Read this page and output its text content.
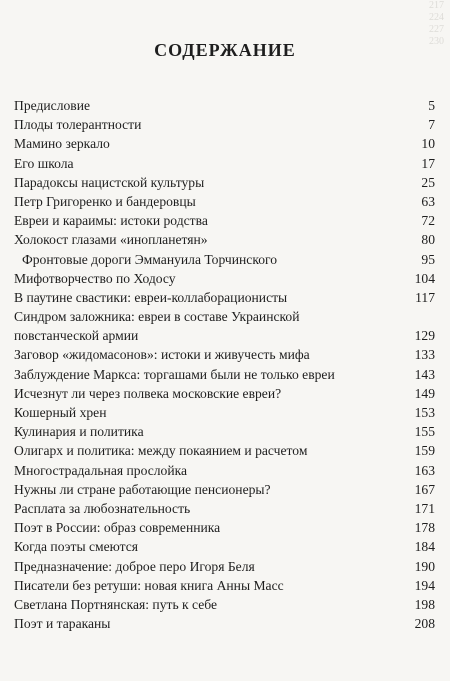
217
224
227
230
СОДЕРЖАНИЕ
Предисловие	5
Плоды толерантности	7
Мамино зеркало	10
Его школа	17
Парадоксы нацистской культуры	25
Петр Григоренко и бандеровцы	63
Евреи и караимы: истоки родства	72
Холокост глазами «инопланетян»	80
Фронтовые дороги Эммануила Торчинского	95
Мифотворчество по Ходосу	104
В паутине свастики: евреи-коллаборационисты	117
Синдром заложника: евреи в составе Украинской повстанческой армии	129
Заговор «жидомасонов»: истоки и живучесть мифа	133
Заблуждение Маркса: торгашами были не только евреи	143
Исчезнут ли через полвека московские евреи?	149
Кошерный хрен	153
Кулинария и политика	155
Олигарх и политика: между покаянием и расчетом	159
Многострадальная прослойка	163
Нужны ли стране работающие пенсионеры?	167
Расплата за любознательность	171
Поэт в России: образ современника	178
Когда поэты смеются	184
Предназначение: доброе перо Игоря Беля	190
Писатели без ретуши: новая книга Анны Масс	194
Светлана Портнянская: путь к себе	198
Поэт и тараканы	208
